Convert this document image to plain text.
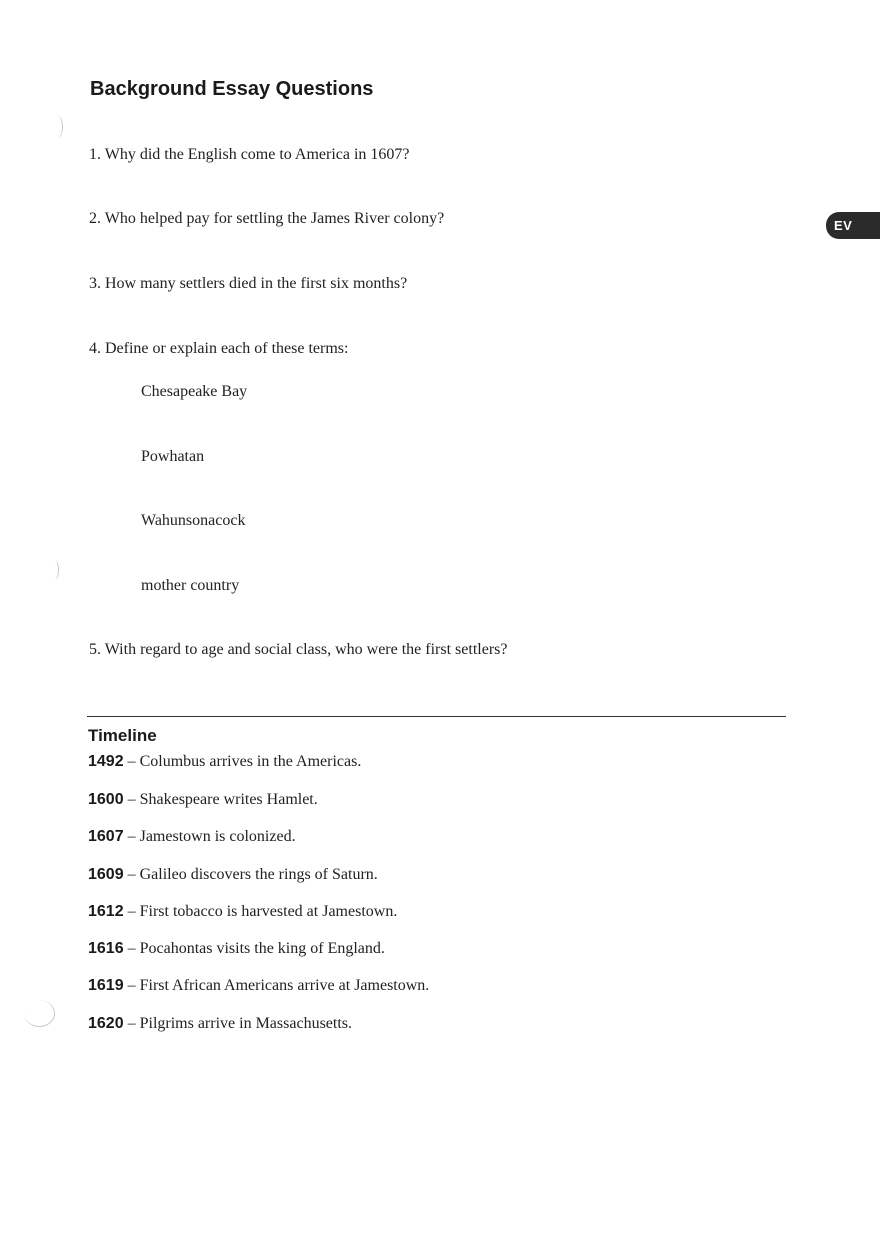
Background Essay Questions
EV
1. Why did the English come to America in 1607?
2. Who helped pay for settling the James River colony?
3. How many settlers died in the first six months?
4. Define or explain each of these terms:
Chesapeake Bay
Powhatan
Wahunsonacock
mother country
5. With regard to age and social class, who were the first settlers?
Timeline
1492 – Columbus arrives in the Americas.
1600 – Shakespeare writes Hamlet.
1607 – Jamestown is colonized.
1609 – Galileo discovers the rings of Saturn.
1612 – First tobacco is harvested at Jamestown.
1616 – Pocahontas visits the king of England.
1619 – First African Americans arrive at Jamestown.
1620 – Pilgrims arrive in Massachusetts.
